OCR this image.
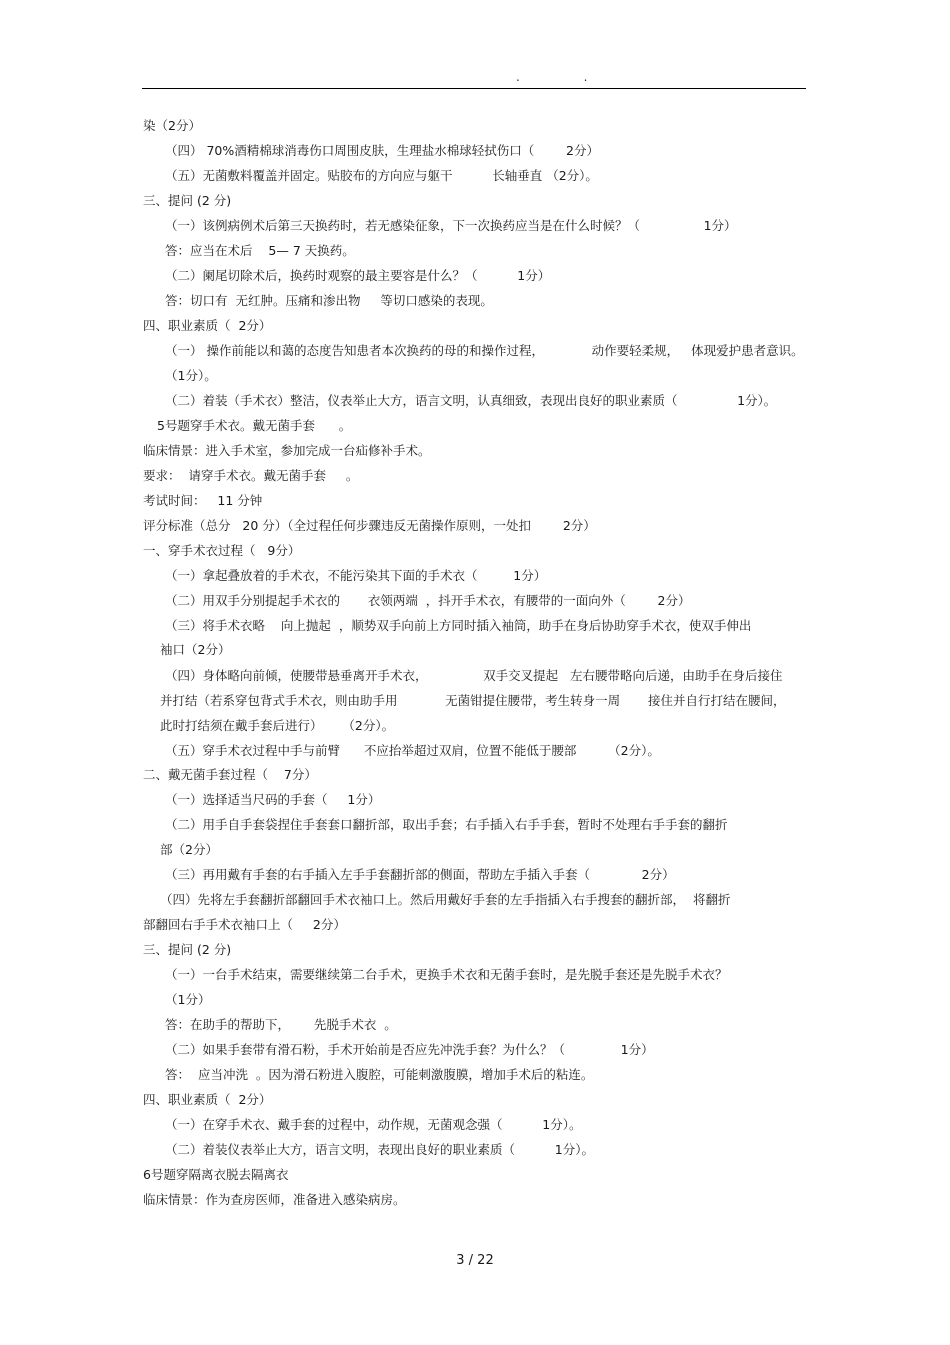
. .
染（2分）
（四） 70%酒精棉球消毒伤口周围皮肤，生理盐水棉球轻拭伤口（        2分）
（五）无菌敷料覆盖并固定。贴胶布的方向应与躯干          长轴垂直 （2分）。
三、提问 (2 分)
（一）该例病例术后第三天换药时，若无感染征象，下一次换药应当是在什么时候？（                1分）
答：应当在术后    5— 7 天换药。
（二）阑尾切除术后，换药时观察的最主要容是什么？（          1分）
答：切口有  无红肿。压痛和渗出物     等切口感染的表现。
四、职业素质（  2分）
（一） 操作前能以和蔼的态度告知患者本次换药的母的和操作过程，            动作要轻柔规，   体现爱护患者意识。
（1分）。
（二）着装（手术衣）整洁，仪表举止大方，语言文明，认真细致，表现出良好的职业素质（               1分）。
5号题穿手术衣。戴无菌手套      。
临床情景：进入手术室，参加完成一台疝修补手术。
要求：  请穿手术衣。戴无菌手套     。
考试时间：   11 分钟
评分标准（总分   20 分）（全过程任何步骤违反无菌操作原则，一处扣        2分）
一、穿手术衣过程（   9分）
（一）拿起叠放着的手术衣，不能污染其下面的手术衣（         1分）
（二）用双手分别提起手术衣的       衣领两端  ，抖开手术衣，有腰带的一面向外（        2分）
（三）将手术衣略    向上抛起  ，顺势双手向前上方同时插入袖筒，助手在身后协助穿手术衣，使双手伸出
袖口（2分）
（四）身体略向前倾，使腰带悬垂离开手术衣，              双手交叉提起   左右腰带略向后递，由助手在身后接住
并打结（若系穿包背式手术衣，则由助手用            无菌钳提住腰带，考生转身一周       接住并自行打结在腰间，
此时打结须在戴手套后进行）     （2分）。
（五）穿手术衣过程中手与前臂      不应抬举超过双肩，位置不能低于腰部        （2分）。
二、戴无菌手套过程（    7分）
（一）选择适当尺码的手套（     1分）
（二）用手自手套袋捏住手套套口翻折部，取出手套；右手插入右手手套，暂时不处理右手手套的翻折
部（2分）
（三）再用戴有手套的右手插入左手手套翻折部的侧面，帮助左手插入手套（             2分）
（四）先将左手套翻折部翻回手术衣袖口上。然后用戴好手套的左手指插入右手搜套的翻折部，  将翻折
部翻回右手手术衣袖口上（     2分）
三、提问 (2 分)
（一）一台手术结束，需要继续第二台手术，更换手术衣和无菌手套时，是先脱手套还是先脱手术衣？
（1分）
答：在助手的帮助下，      先脱手术衣  。
（二）如果手套带有滑石粉，手术开始前是否应先冲洗手套？为什么？（              1分）
答：  应当冲洗  。因为滑石粉进入腹腔，可能刺激腹膜，增加手术后的粘连。
四、职业素质（  2分）
（一）在穿手术衣、戴手套的过程中，动作规，无菌观念强（          1分）。
（二）着装仪表举止大方，语言文明，表现出良好的职业素质（          1分）。
6号题穿隔离衣脱去隔离衣
临床情景：作为查房医师，准备进入感染病房。
3 / 22
